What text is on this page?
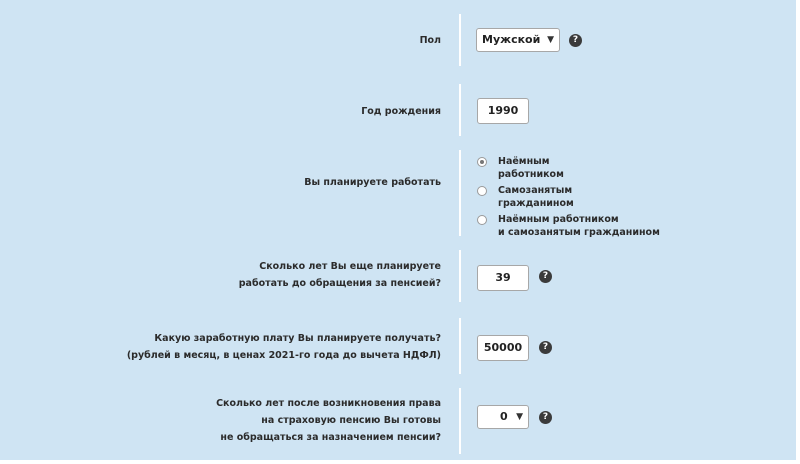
Пол	Мужской ▼	?
Год рождения	1990
Вы планируете работать
Наёмным
работником
Самозанятым
гражданином
Наёмным работником
и самозанятым гражданином
Сколько лет Вы еще планируете
работать до обращения за пенсией?	39	?
Какую заработную плату Вы планируете получать?
(рублей в месяц, в ценах 2021-го года до вычета НДФЛ)
50000	?
Сколько лет после возникновения права
на страховую пенсию Вы готовы
не обращаться за назначением пенсии?
0 ▼	?
